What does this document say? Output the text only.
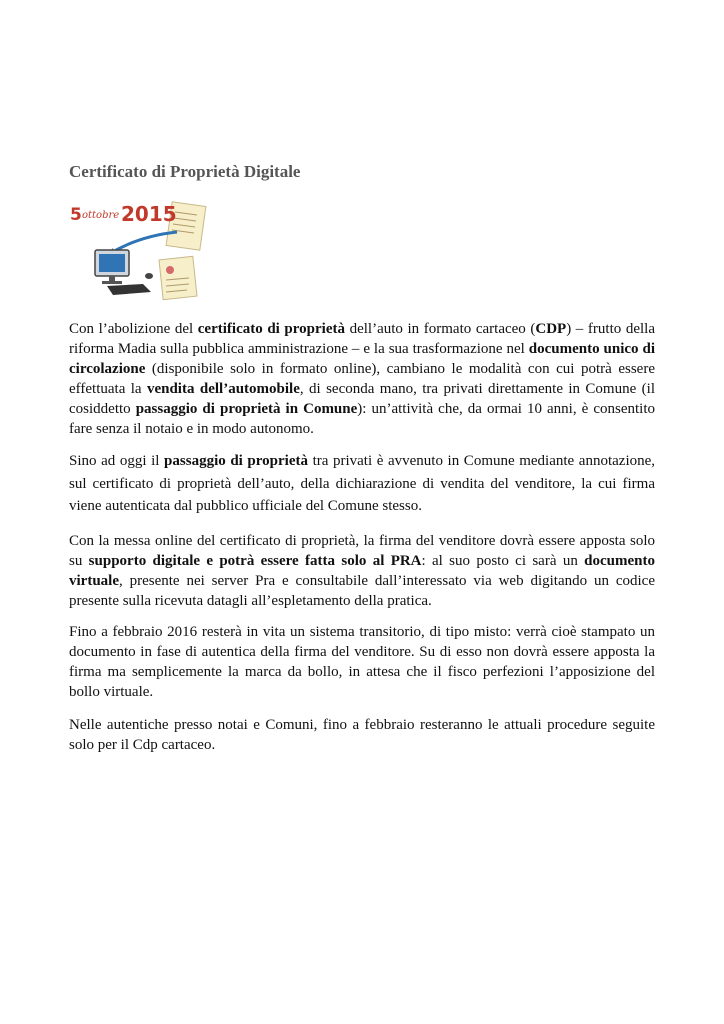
Certificato di Proprietà Digitale
5 ottobre 2015

Con l’abolizione del certificato di proprietà dell’auto in formato cartaceo (CDP) – frutto della riforma Madia sulla pubblica amministrazione – e la sua trasformazione nel documento unico di circolazione (disponibile solo in formato online), cambiano le modalità con cui potrà essere effettuata la vendita dell’automobile, di seconda mano, tra privati direttamente in Comune (il cosiddetto passaggio di proprietà in Comune): un’attività che, da ormai 10 anni, è consentito fare senza il notaio e in modo autonomo.

Sino ad oggi il passaggio di proprietà tra privati è avvenuto in Comune mediante annotazione, sul certificato di proprietà dell’auto, della dichiarazione di vendita del venditore, la cui firma viene autenticata dal pubblico ufficiale del Comune stesso.

Con la messa online del certificato di proprietà, la firma del venditore dovrà essere apposta solo su supporto digitale e potrà essere fatta solo al PRA: al suo posto ci sarà un documento virtuale, presente nei server Pra e consultabile dall’interessato via web digitando un codice presente sulla ricevuta datagli all’espletamento della pratica.

Fino a febbraio 2016 resterà in vita un sistema transitorio, di tipo misto: verrà cioè stampato un documento in fase di autentica della firma del venditore. Su di esso non dovrà essere apposta la firma ma semplicemente la marca da bollo, in attesa che il fisco perfezioni l’apposizione del bollo virtuale.

Nelle autentiche presso notai e Comuni, fino a febbraio resteranno le attuali procedure seguite solo per il Cdp cartaceo.
